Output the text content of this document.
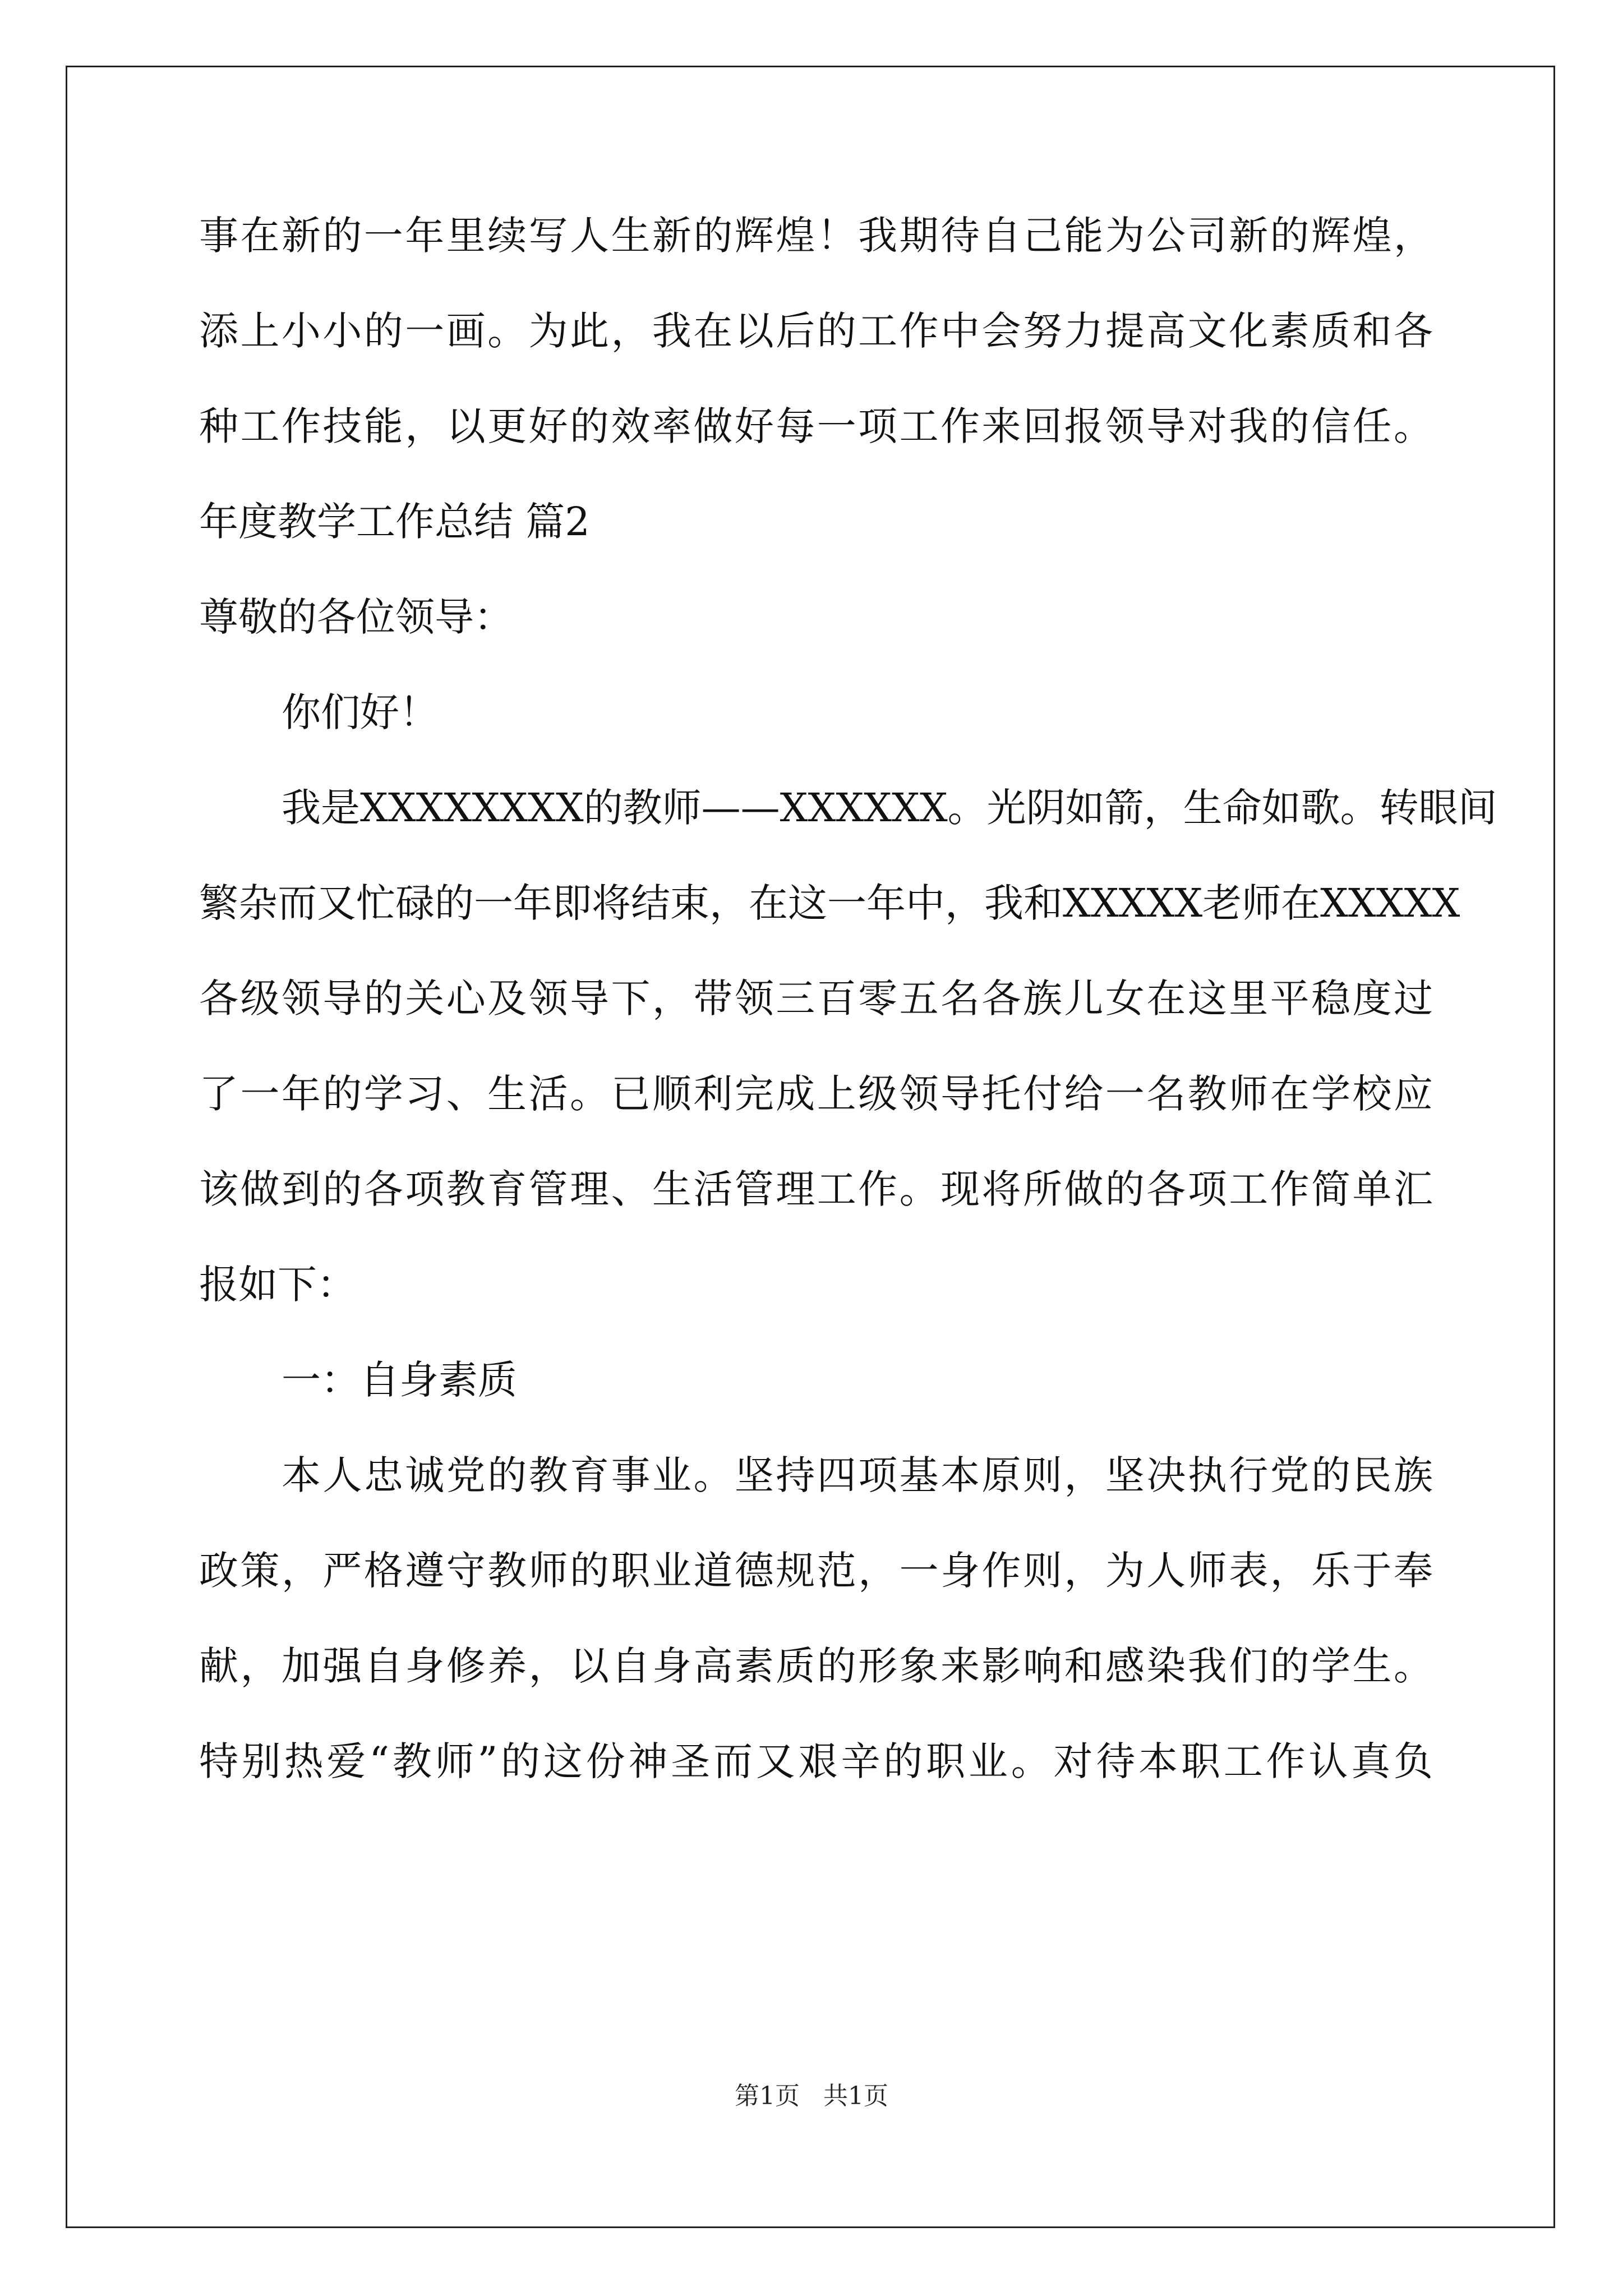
事在新的一年里续写人生新的辉煌！我期待自己能为公司新的辉煌，
添上小小的一画。为此，我在以后的工作中会努力提高文化素质和各
种工作技能，以更好的效率做好每一项工作来回报领导对我的信任。
年度教学工作总结 篇2
尊敬的各位领导：
你们好！
我是XXXXXXXX的教师——XXXXXX。光阴如箭，生命如歌。转眼间
繁杂而又忙碌的一年即将结束，在这一年中，我和XXXXX老师在XXXXX
各级领导的关心及领导下，带领三百零五名各族儿女在这里平稳度过
了一年的学习、生活。已顺利完成上级领导托付给一名教师在学校应
该做到的各项教育管理、生活管理工作。现将所做的各项工作简单汇
报如下：
一：自身素质
本人忠诚党的教育事业。坚持四项基本原则，坚决执行党的民族
政策，严格遵守教师的职业道德规范，一身作则，为人师表，乐于奉
献，加强自身修养，以自身高素质的形象来影响和感染我们的学生。
特别热爱“教师”的这份神圣而又艰辛的职业。对待本职工作认真负
第1页   共1页
